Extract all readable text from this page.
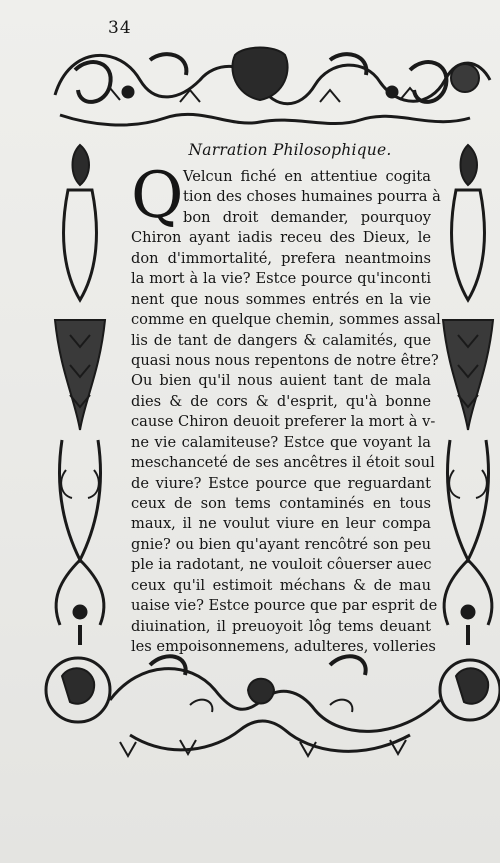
34
Narration Philosophique.
Q Velcun fiché en attentiue cogita
tion des choses humaines pourra à
bon droit demander, pourquoy
Chiron ayant iadis receu des Dieux, le
don d'immortalité, prefera neantmoins
la mort à la vie? Estce pource qu'inconti
nent que nous sommes entrés en la vie
comme en quelque chemin, sommes assal
lis de tant de dangers & calamités, que
quasi nous nous repentons de notre être?
Ou bien qu'il nous auient tant de mala
dies & de cors & d'esprit, qu'à bonne
cause Chiron deuoit preferer la mort à v-
ne vie calamiteuse? Estce que voyant la
meschanceté de ses ancêtres il étoit soul
de viure? Estce pource que reguardant
ceux de son tems contaminés en tous
maux, il ne voulut viure en leur compa
gnie? ou bien qu'ayant rencôtré son peu
ple ia radotant, ne vouloit côuerser auec
ceux qu'il estimoit méchans & de mau
uaise vie? Estce pource que par esprit de
diuination, il preuoyoit lôg tems deuant
les empoisonnemens, adulteres, volleries
